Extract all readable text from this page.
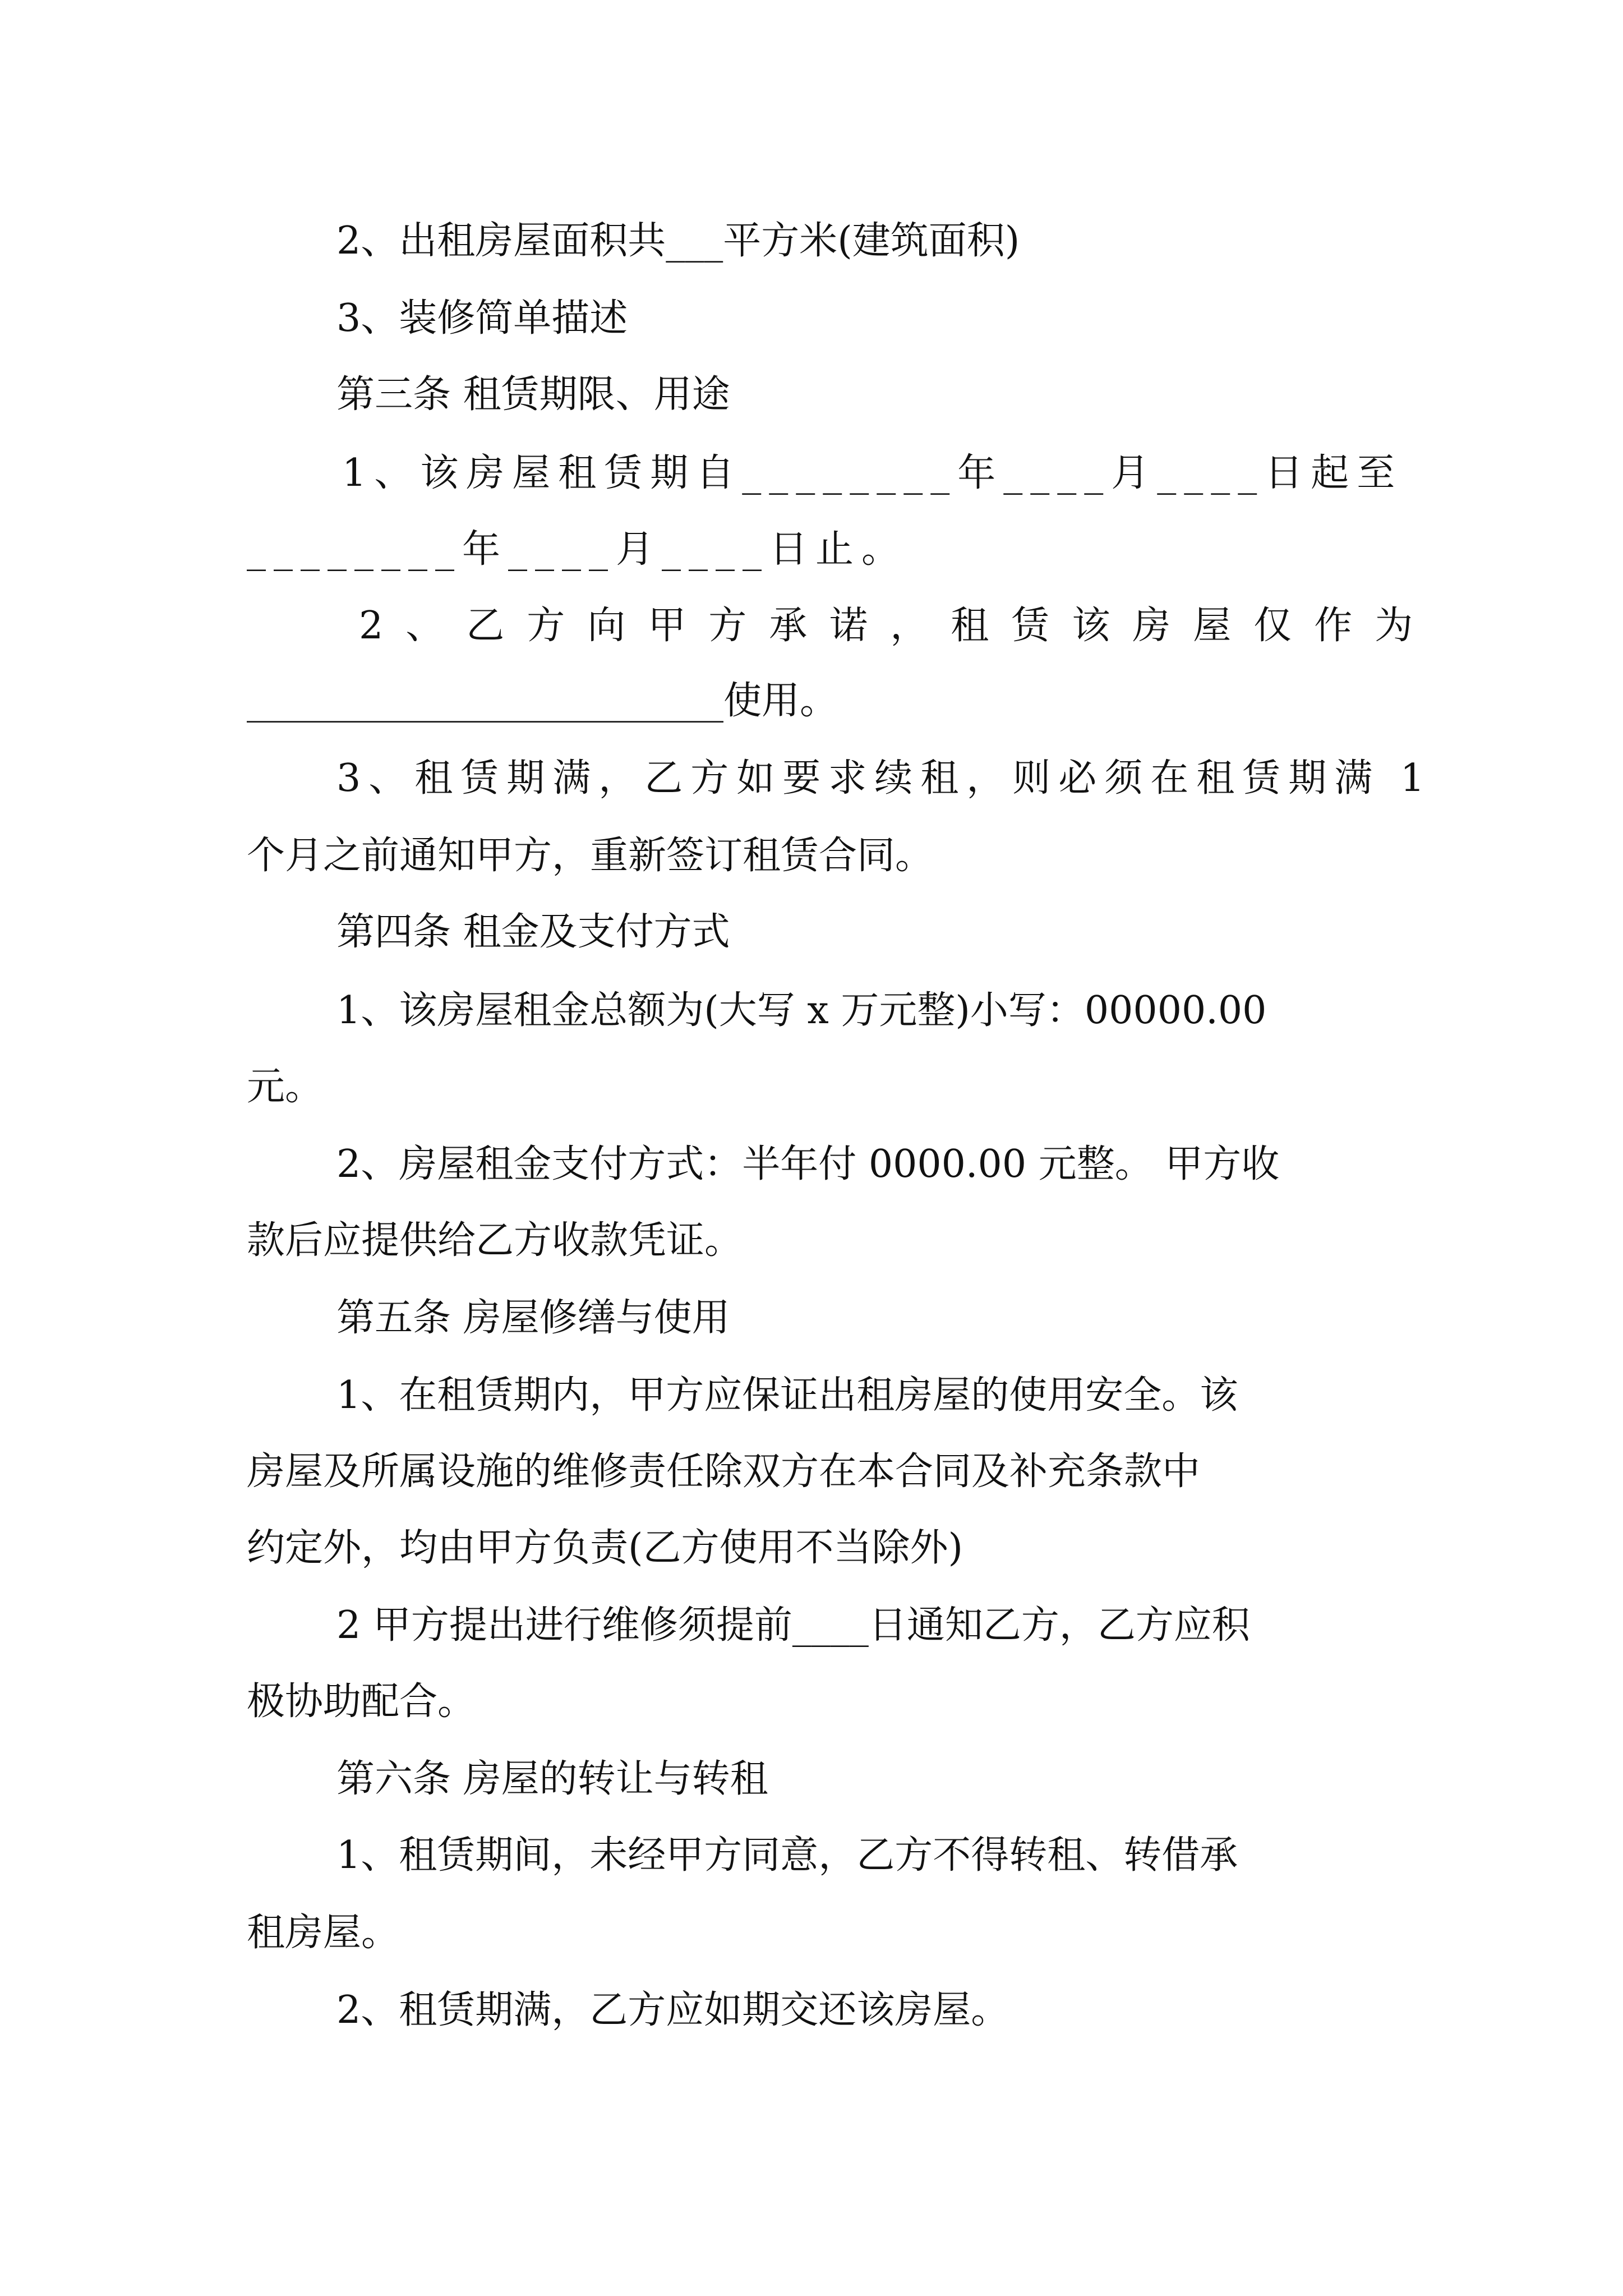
2、出租房屋面积共___平方米(建筑面积)
3、装修简单描述
第三条 租赁期限、用途
1、该房屋租赁期自________年____月____日起至
________年____月____日止。
2、乙方向甲方承诺，租赁该房屋仅作为
_________________________使用。
3、租赁期满，乙方如要求续租，则必须在租赁期满 1
个月之前通知甲方，重新签订租赁合同。
第四条 租金及支付方式
1、该房屋租金总额为(大写 x 万元整)小写：00000.00
元。
2、房屋租金支付方式：半年付 0000.00 元整。 甲方收
款后应提供给乙方收款凭证。
第五条 房屋修缮与使用
1、在租赁期内，甲方应保证出租房屋的使用安全。该
房屋及所属设施的维修责任除双方在本合同及补充条款中
约定外，均由甲方负责(乙方使用不当除外)
2 甲方提出进行维修须提前____日通知乙方，乙方应积
极协助配合。
第六条 房屋的转让与转租
1、租赁期间，未经甲方同意，乙方不得转租、转借承
租房屋。
2、租赁期满，乙方应如期交还该房屋。
